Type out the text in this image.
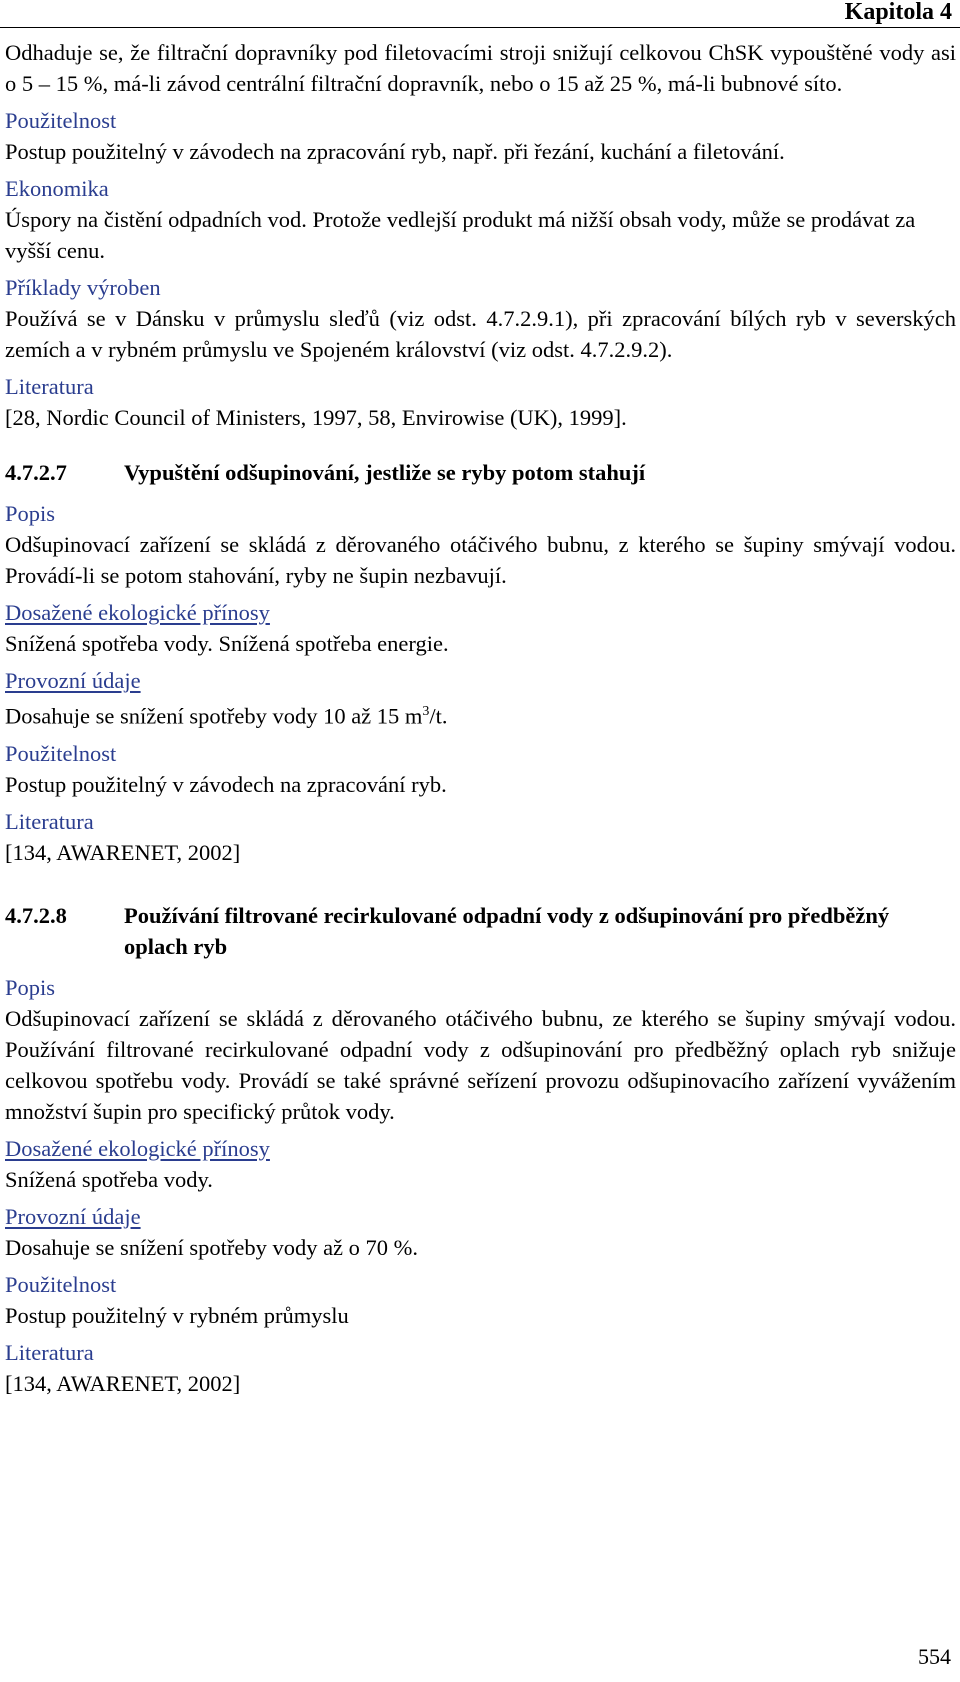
Kapitola 4

Odhaduje se, že filtrační dopravníky pod filetovacími stroji snižují celkovou ChSK vypouštěné vody asi o 5 – 15 %, má-li závod centrální filtrační dopravník, nebo o 15 až 25 %, má-li bubnové síto.

Použitelnost

Postup použitelný v závodech na zpracování ryb, např. při řezání, kuchání a filetování.

Ekonomika

Úspory na čistění odpadních vod. Protože vedlejší produkt má nižší obsah vody, může se prodávat za vyšší cenu.

Příklady výroben

Používá se v Dánsku v průmyslu sleďů (viz odst. 4.7.2.9.1), při zpracování bílých ryb v severských zemích a v rybném průmyslu ve Spojeném království (viz odst. 4.7.2.9.2).

Literatura

[28, Nordic Council of Ministers, 1997, 58, Envirowise (UK), 1999].

4.7.2.7	Vypuštění odšupinování, jestliže se ryby potom stahují

Popis

Odšupinovací zařízení se skládá z děrovaného otáčivého bubnu, z kterého se šupiny smývají vodou. Provádí-li se potom stahování, ryby ne šupin nezbavují.

Dosažené ekologické přínosy

Snížená spotřeba vody. Snížená spotřeba energie.

Provozní údaje

Dosahuje se snížení spotřeby vody 10 až 15 $m^3/t$.

Použitelnost

Postup použitelný v závodech na zpracování ryb.

Literatura

[134, AWARENET, 2002]

4.7.2.8	Používání filtrované recirkulované odpadní vody z odšupinování pro předběžný oplach ryb

Popis

Odšupinovací zařízení se skládá z děrovaného otáčivého bubnu, ze kterého se šupiny smývají vodou. Používání filtrované recirkulované odpadní vody z odšupinování pro předběžný oplach ryb snižuje celkovou spotřebu vody. Provádí se také správné seřízení provozu odšupinovacího zařízení vyvážením množství šupin pro specifický průtok vody.

Dosažené ekologické přínosy

Snížená spotřeba vody.

Provozní údaje

Dosahuje se snížení spotřeby vody až o 70 %.

Použitelnost

Postup použitelný v rybném průmyslu

Literatura

[134, AWARENET, 2002]

554
